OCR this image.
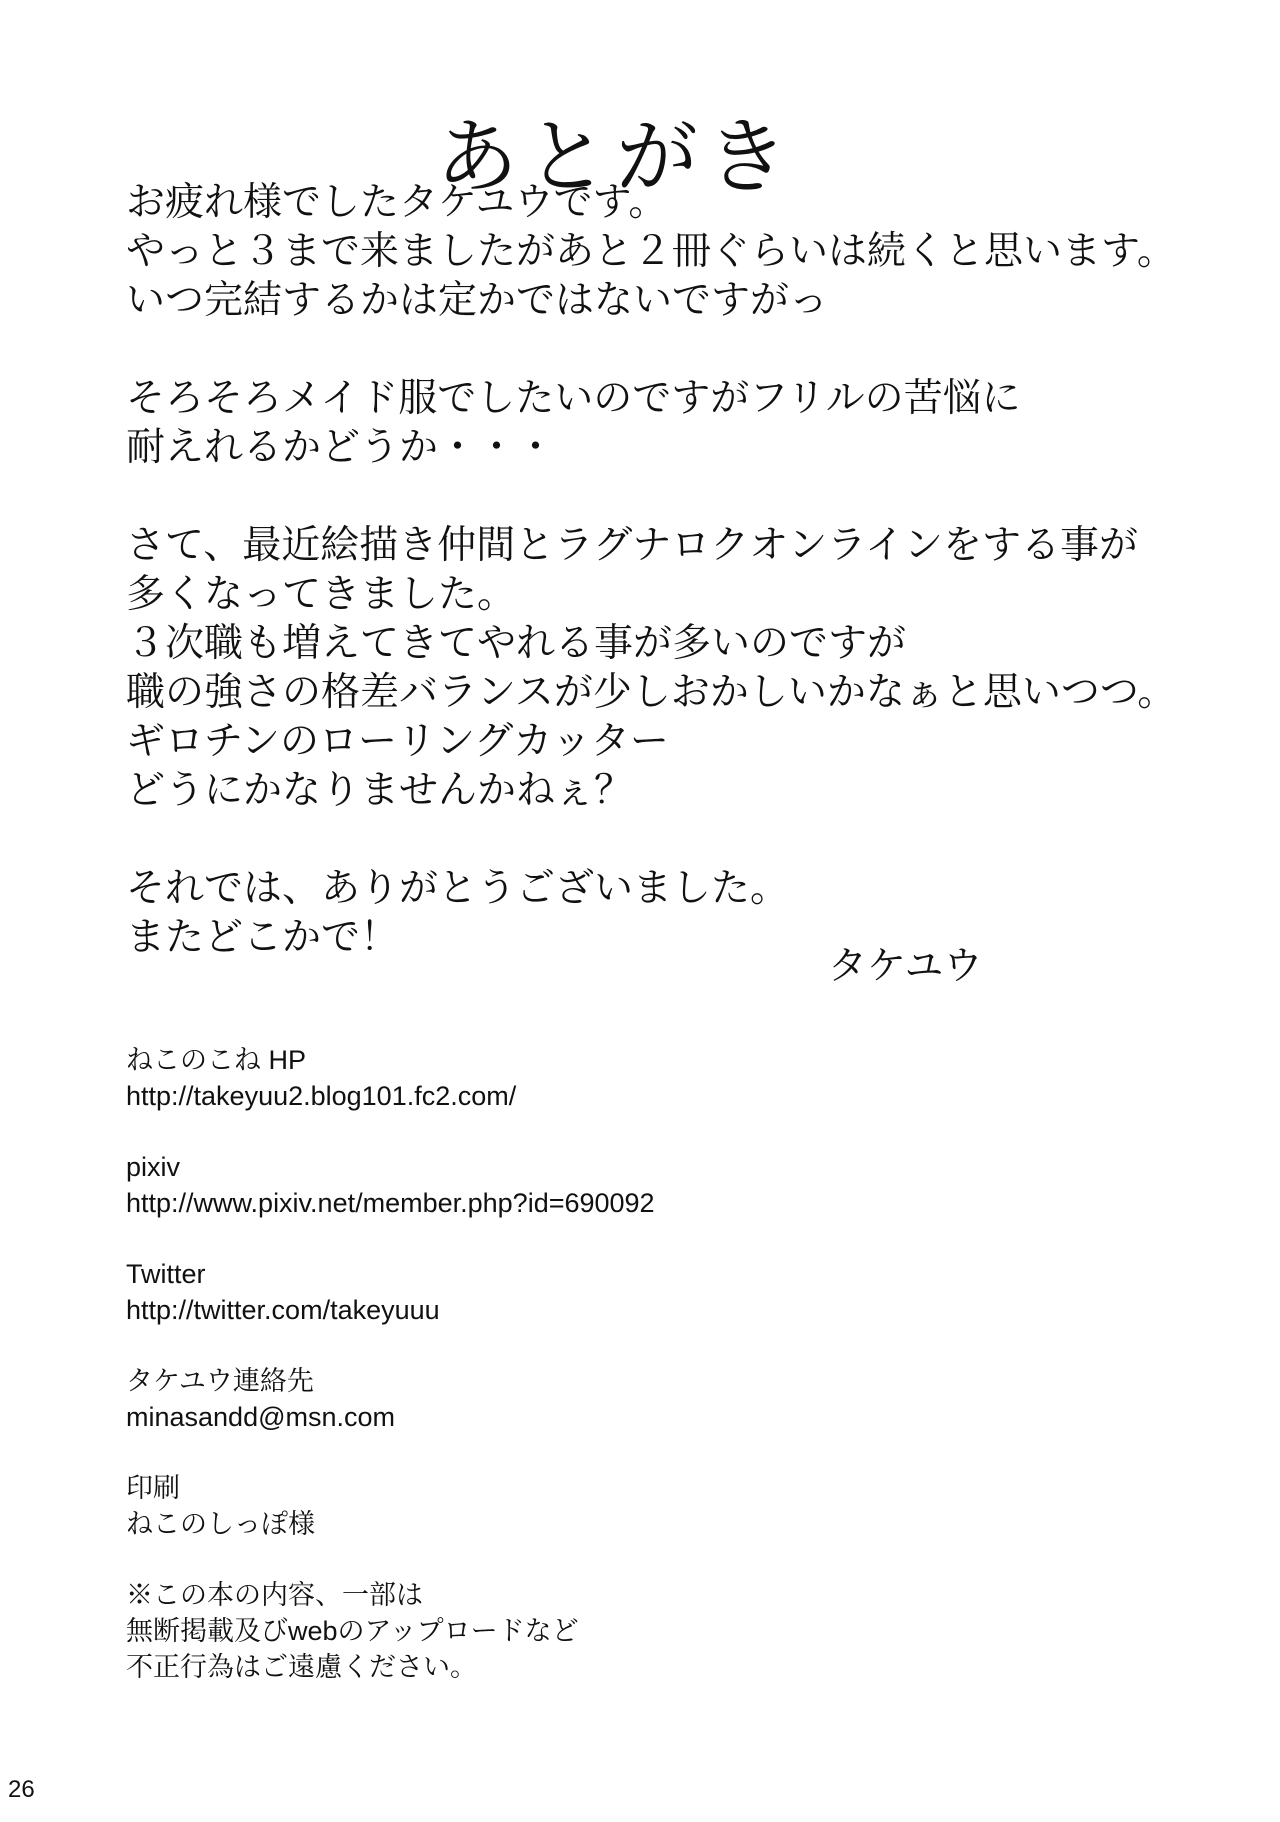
あとがき
お疲れ様でしたタケユウです。
やっと３まで来ましたがあと２冊ぐらいは続くと思います。
いつ完結するかは定かではないですがっ
そろそろメイド服でしたいのですがフリルの苦悩に
耐えれるかどうか・・・
さて、最近絵描き仲間とラグナロクオンラインをする事が
多くなってきました。
３次職も増えてきてやれる事が多いのですが
職の強さの格差バランスが少しおかしいかなぁと思いつつ。
ギロチンのローリングカッター
どうにかなりませんかねぇ？
それでは、ありがとうございました。
またどこかで！
タケユウ
ねこのこね HP
http://takeyuu2.blog101.fc2.com/
pixiv
http://www.pixiv.net/member.php?id=690092
Twitter
http://twitter.com/takeyuuu
タケユウ連絡先
minasandd@msn.com
印刷
ねこのしっぽ様
※この本の内容、一部は
無断掲載及びwebのアップロードなど
不正行為はご遠慮ください。
26
